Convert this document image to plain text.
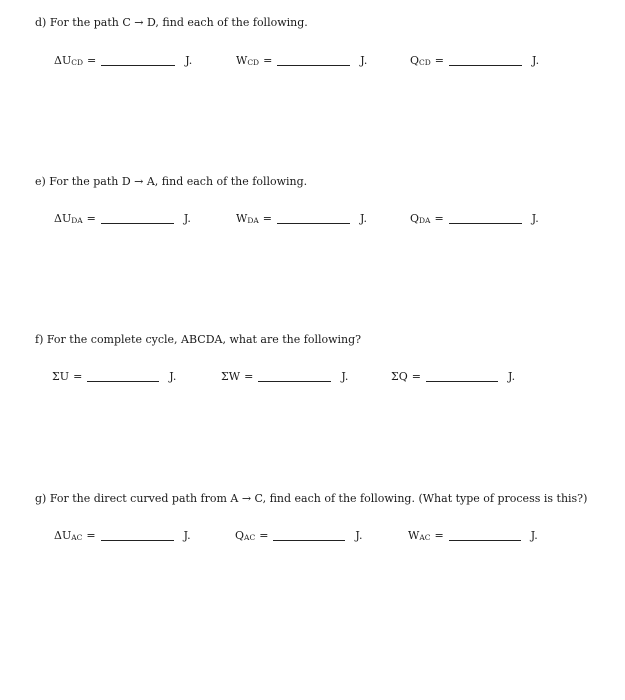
d) For the path C → D, find each of the following.
$\Delta U_{CD}$ =	J.	$W_{CD}$ =	J.	$Q_{CD}$ =	J.
e) For the path D → A, find each of the following.
$\Delta U_{DA}$ =	J.	$W_{DA}$ =	J.	$Q_{DA}$ =	J.
f) For the complete cycle, ABCDA, what are the following?
ΣU =	J.	ΣW =	J.	ΣQ =	J.
g) For the direct curved path from A → C, find each of the following. (What type of process is this?)
$\Delta U_{AC}$ =	J.	$Q_{AC}$ =	J.	$W_{AC}$ =	J.
